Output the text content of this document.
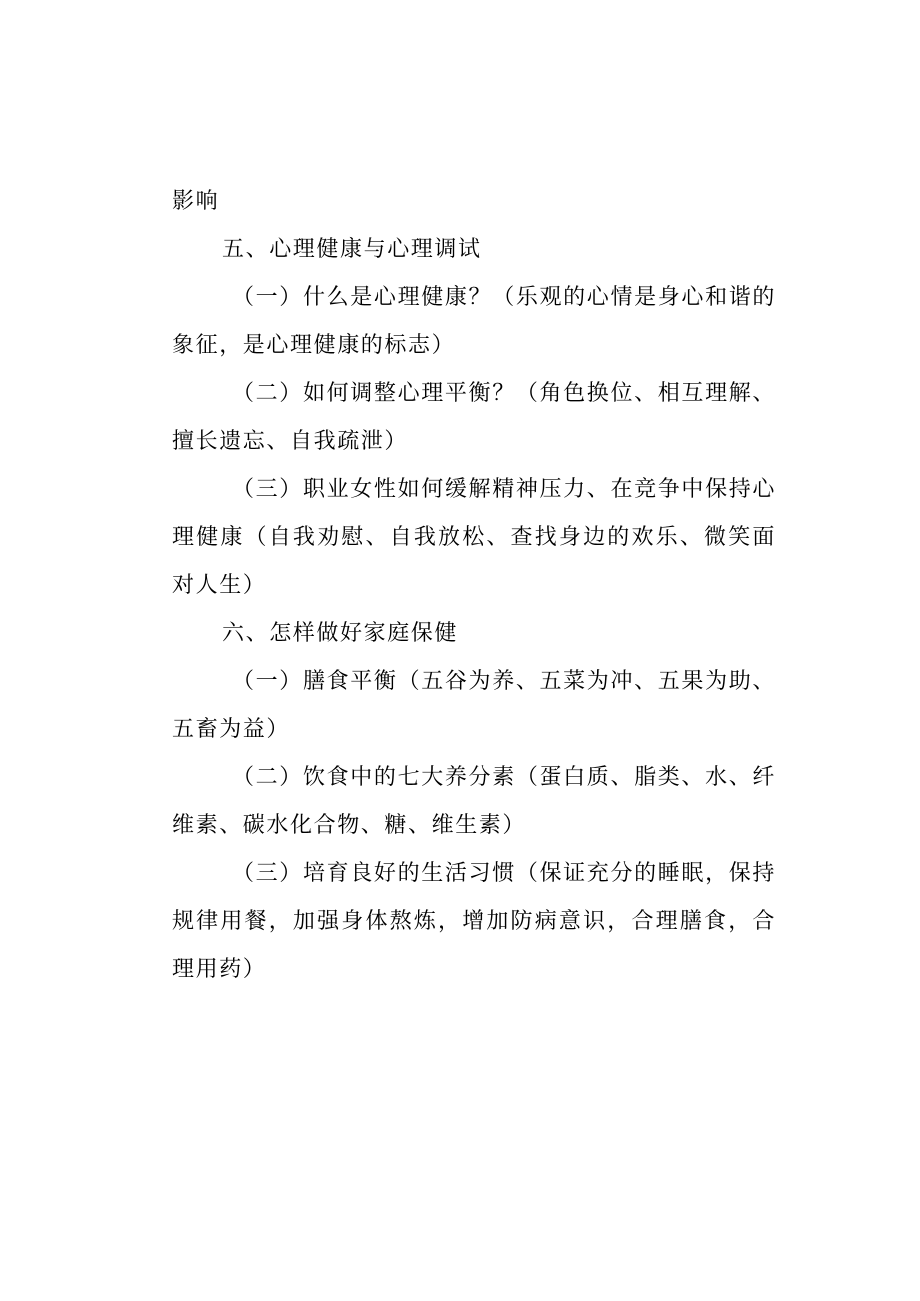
影响

五、心理健康与心理调试

（一）什么是心理健康？（乐观的心情是身心和谐的象征，是心理健康的标志）

（二）如何调整心理平衡？（角色换位、相互理解、擅长遗忘、自我疏泄）

（三）职业女性如何缓解精神压力、在竞争中保持心理健康（自我劝慰、自我放松、查找身边的欢乐、微笑面对人生）

六、怎样做好家庭保健

（一）膳食平衡（五谷为养、五菜为冲、五果为助、五畜为益）

（二）饮食中的七大养分素（蛋白质、脂类、水、纤维素、碳水化合物、糖、维生素）

（三）培育良好的生活习惯（保证充分的睡眠，保持规律用餐，加强身体熬炼，增加防病意识，合理膳食，合理用药）
